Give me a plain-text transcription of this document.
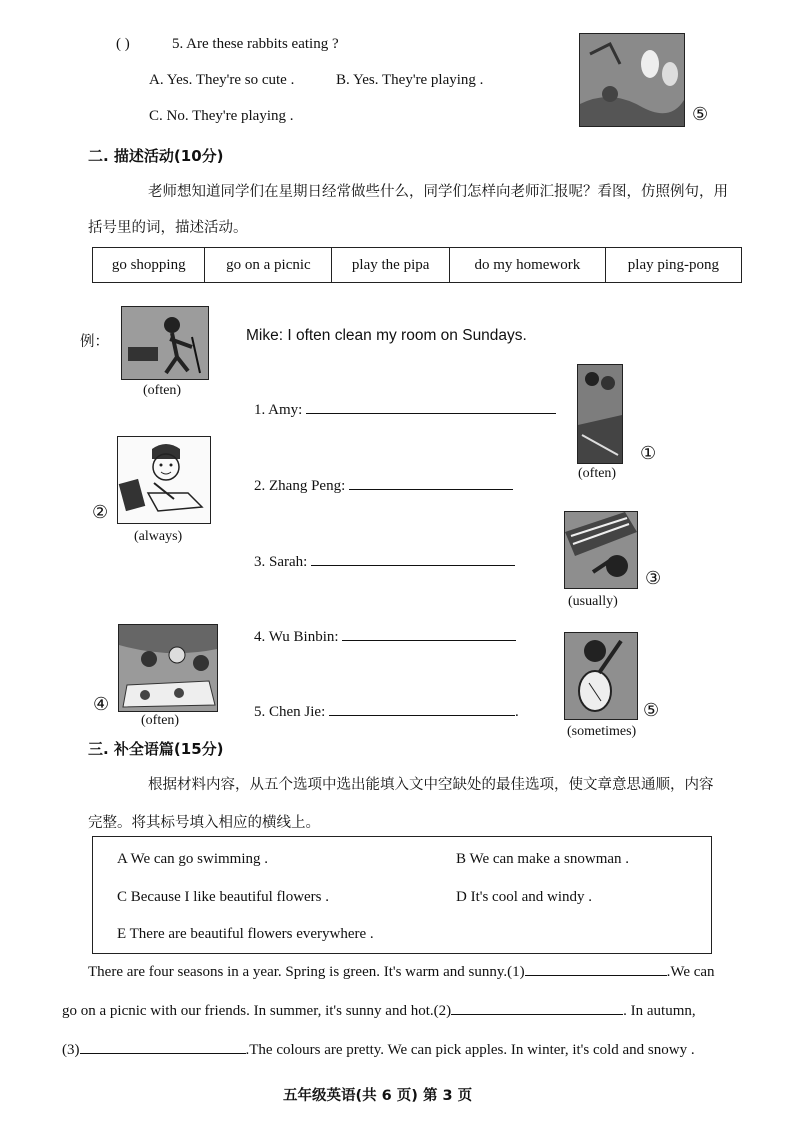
( )	5. Are these rabbits eating ?
A. Yes. They're so cute .	B. Yes. They're playing .
C. No. They're playing .	⑤
二. 描述活动(10分)
老师想知道同学们在星期日经常做些什么，同学们怎样向老师汇报呢？看图，仿照例句，用
括号里的词，描述活动。
go shopping	go on a picnic	play the pipa	do my homework	play ping-pong
例：
(often)
Mike: I often clean my room on Sundays.
1. Amy:
①
(often)
②
(always)
2. Zhang Peng:
3. Sarah:
③
(usually)
④
(often)
4. Wu Binbin:
5. Chen Jie:	.	⑤
(sometimes)
三. 补全语篇(15分)
根据材料内容，从五个选项中选出能填入文中空缺处的最佳选项，使文章意思通顺，内容
完整。将其标号填入相应的横线上。
A We can go swimming .	B We can make a snowman .
C Because I like beautiful flowers .	D It's cool and windy .
E There are beautiful flowers everywhere .
There are four seasons in a year. Spring is green. It's warm and sunny.(1)	.We can
go on a picnic with our friends. In summer, it's sunny and hot.(2)	. In autumn,
(3)	.The colours are pretty. We can pick apples. In winter, it's cold and snowy .
五年级英语(共 6 页) 第 3 页
